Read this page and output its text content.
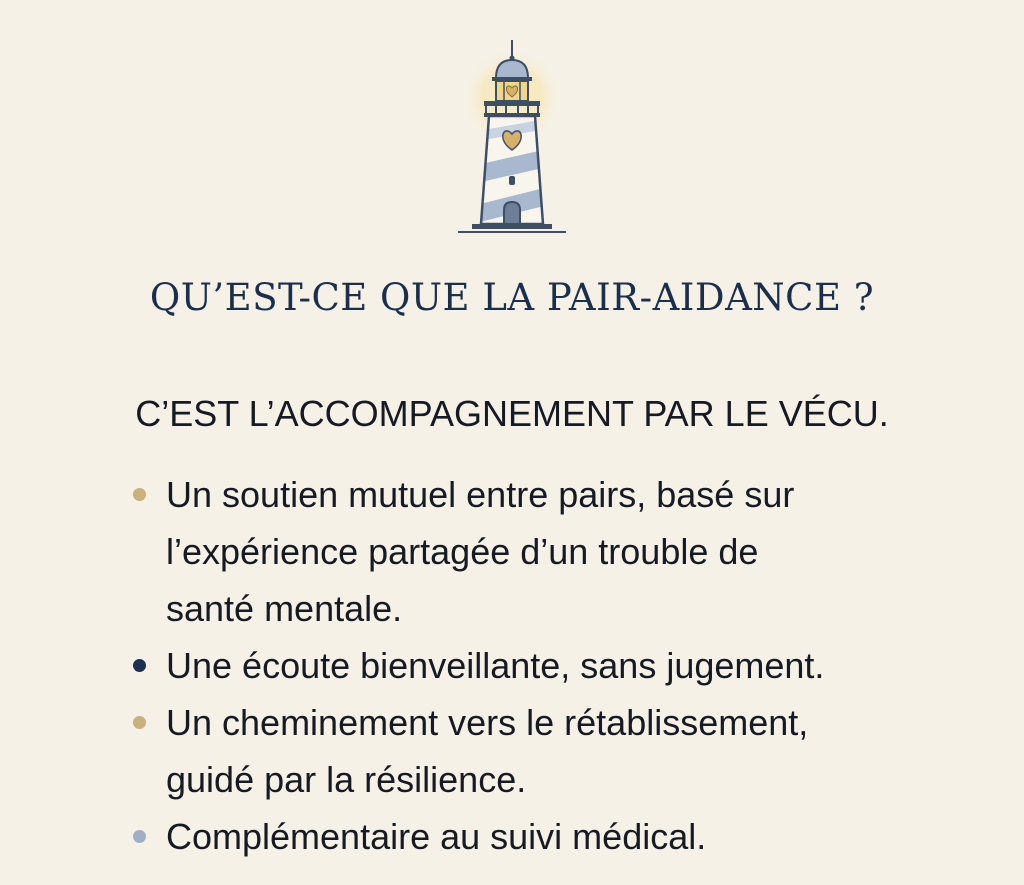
QU’EST-CE QUE LA PAIR-AIDANCE ?
C’EST L’ACCOMPAGNEMENT PAR LE VÉCU.
Un soutien mutuel entre pairs, basé sur
l’expérience partagée d’un trouble de
santé mentale.
Une écoute bienveillante, sans jugement.
Un cheminement vers le rétablissement,
guidé par la résilience.
Complémentaire au suivi médical.
